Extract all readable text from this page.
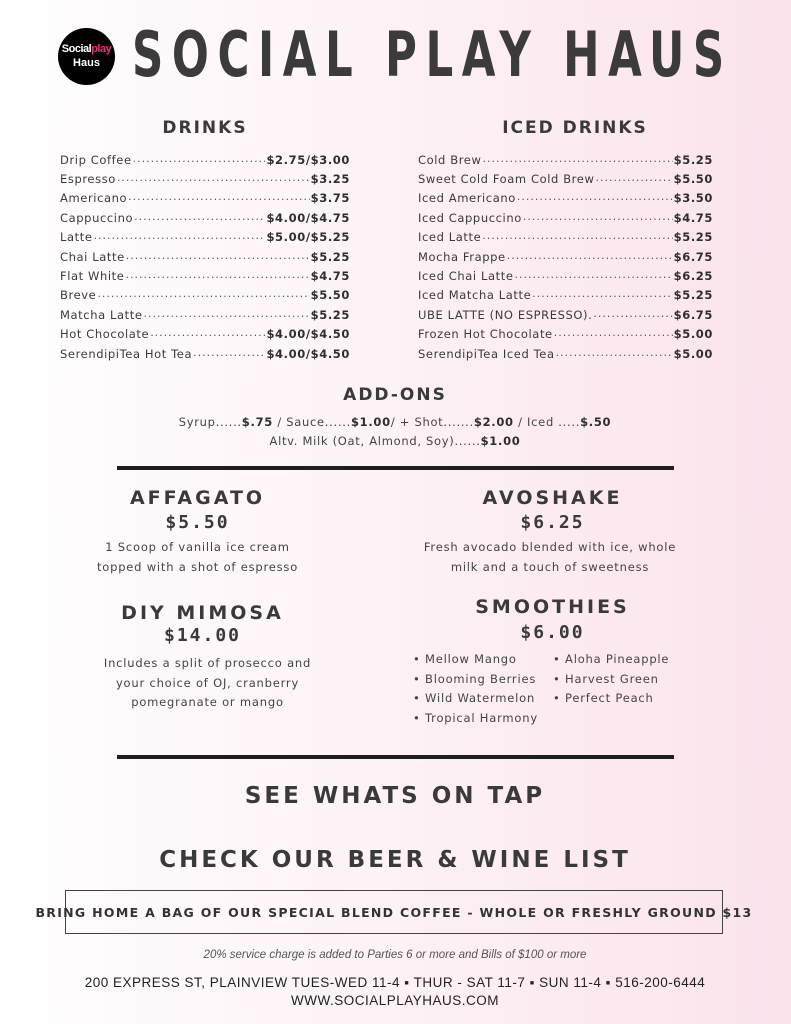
Socialplay
Haus SOCIAL PLAY HAUS
DRINKS
Drip Coffee .....	$2.75/$3.00
Espresso .....	$3.25
Americano .....	$3.75
Cappuccino .....	$4.00/$4.75
Latte .....	$5.00/$5.25
Chai Latte .....	$5.25
Flat White .....	$4.75
Breve .....	$5.50
Matcha Latte .....	$5.25
Hot Chocolate .....	$4.00/$4.50
SerendipiTea Hot Tea .....	$4.00/$4.50
ICED DRINKS
Cold Brew .....	$5.25
Sweet Cold Foam Cold Brew .....	$5.50
Iced Americano .....	$3.50
Iced Cappuccino .....	$4.75
Iced Latte .....	$5.25
Mocha Frappe .....	$6.75
Iced Chai Latte .....	$6.25
Iced Matcha Latte .....	$5.25
UBE LATTE (NO ESPRESSO). .....	$6.75
Frozen Hot Chocolate .....	$5.00
SerendipiTea Iced Tea .....	$5.00
ADD-ONS
Syrup......$.75 / Sauce......$1.00/ + Shot.......$2.00 / Iced .....$.50
Altv. Milk (Oat, Almond, Soy)......$1.00
AFFAGATO
$5.50
1 Scoop of vanilla ice cream
topped with a shot of espresso
AVOSHAKE
$6.25
Fresh avocado blended with ice, whole
milk and a touch of sweetness
DIY MIMOSA
$14.00
Includes a split of prosecco and
your choice of OJ, cranberry
pomegranate or mango
SMOOTHIES
$6.00
• Mellow Mango
• Blooming Berries
• Wild Watermelon
• Tropical Harmony
• Aloha Pineapple
• Harvest Green
• Perfect Peach
SEE WHATS ON TAP
CHECK OUR BEER & WINE LIST
BRING HOME A BAG OF OUR SPECIAL BLEND COFFEE - WHOLE OR FRESHLY GROUND $13
20% service charge is added to Parties 6 or more and Bills of $100 or more
200 EXPRESS ST, PLAINVIEW TUES-WED 11-4 ▪ THUR - SAT 11-7 ▪ SUN 11-4 ▪ 516-200-6444
WWW.SOCIALPLAYHAUS.COM
